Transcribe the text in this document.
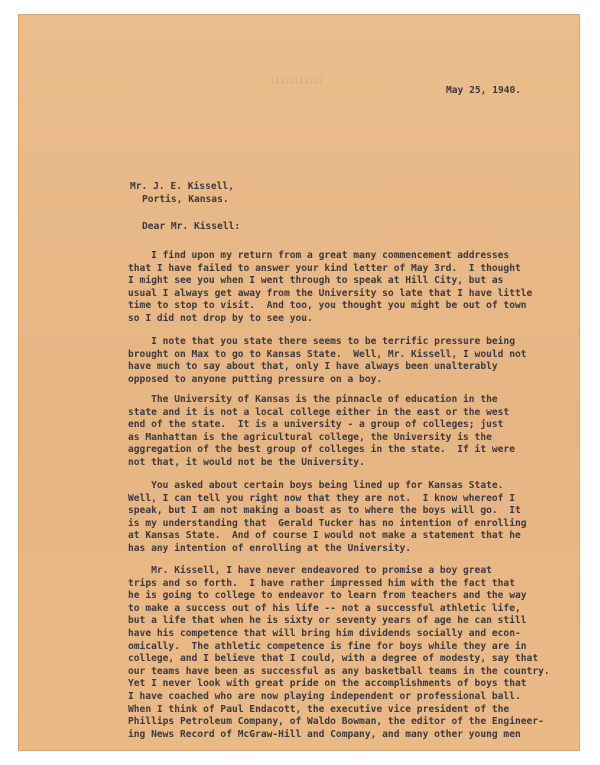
11111111111
May 25, 1940.
Mr. J. E. Kissell,
Portis, Kansas.
Dear Mr. Kissell:
I find upon my return from a great many commencement addresses
that I have failed to answer your kind letter of May 3rd.  I thought
I might see you when I went through to speak at Hill City, but as
usual I always get away from the University so late that I have little
time to stop to visit.  And too, you thought you might be out of town
so I did not drop by to see you.
I note that you state there seems to be terrific pressure being
brought on Max to go to Kansas State.  Well, Mr. Kissell, I would not
have much to say about that, only I have always been unalterably
opposed to anyone putting pressure on a boy.
The University of Kansas is the pinnacle of education in the
state and it is not a local college either in the east or the west
end of the state.  It is a university - a group of colleges; just
as Manhattan is the agricultural college, the University is the
aggregation of the best group of colleges in the state.  If it were
not that, it would not be the University.
You asked about certain boys being lined up for Kansas State.
Well, I can tell you right now that they are not.  I know whereof I
speak, but I am not making a boast as to where the boys will go.  It
is my understanding that  Gerald Tucker has no intention of enrolling
at Kansas State.  And of course I would not make a statement that he
has any intention of enrolling at the University.
Mr. Kissell, I have never endeavored to promise a boy great
trips and so forth.  I have rather impressed him with the fact that
he is going to college to endeavor to learn from teachers and the way
to make a success out of his life -- not a successful athletic life,
but a life that when he is sixty or seventy years of age he can still
have his competence that will bring him dividends socially and econ-
omically.  The athletic competence is fine for boys while they are in
college, and I believe that I could, with a degree of modesty, say that
our teams have been as successful as any basketball teams in the country.
Yet I never look with great pride on the accomplishments of boys that
I have coached who are now playing independent or professional ball.
When I think of Paul Endacott, the executive vice president of the
Phillips Petroleum Company, of Waldo Bowman, the editor of the Engineer-
ing News Record of McGraw-Hill and Company, and many other young men
